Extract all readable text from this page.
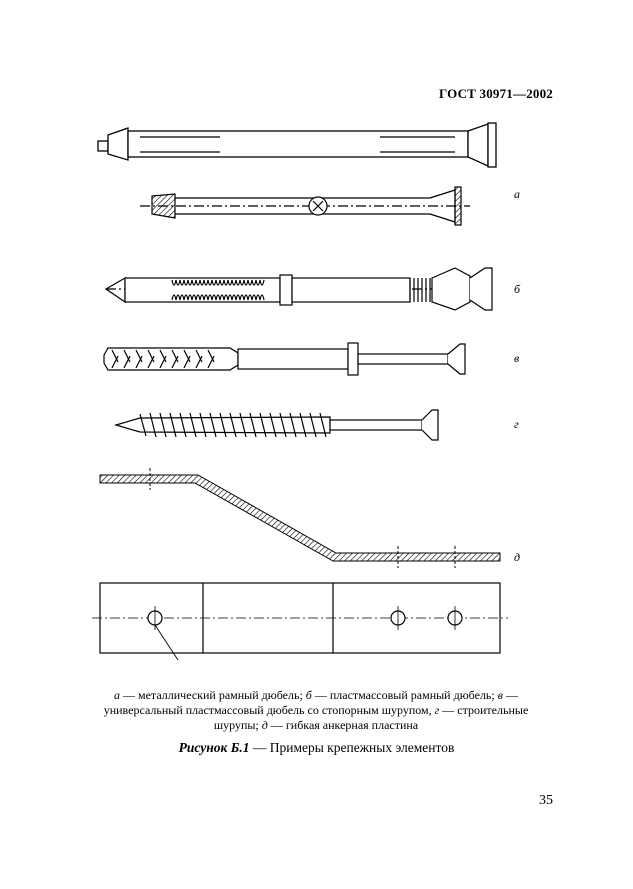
ГОСТ 30971—2002
а
б
в
г
д
а — металлический рамный дюбель; б — пластмассовый рамный дюбель; в — универсальный пластмассовый дюбель со стопорным шурупом, г — строительные шурупы; д — гибкая анкерная пластина
Рисунок Б.1 — Примеры крепежных элементов
35
